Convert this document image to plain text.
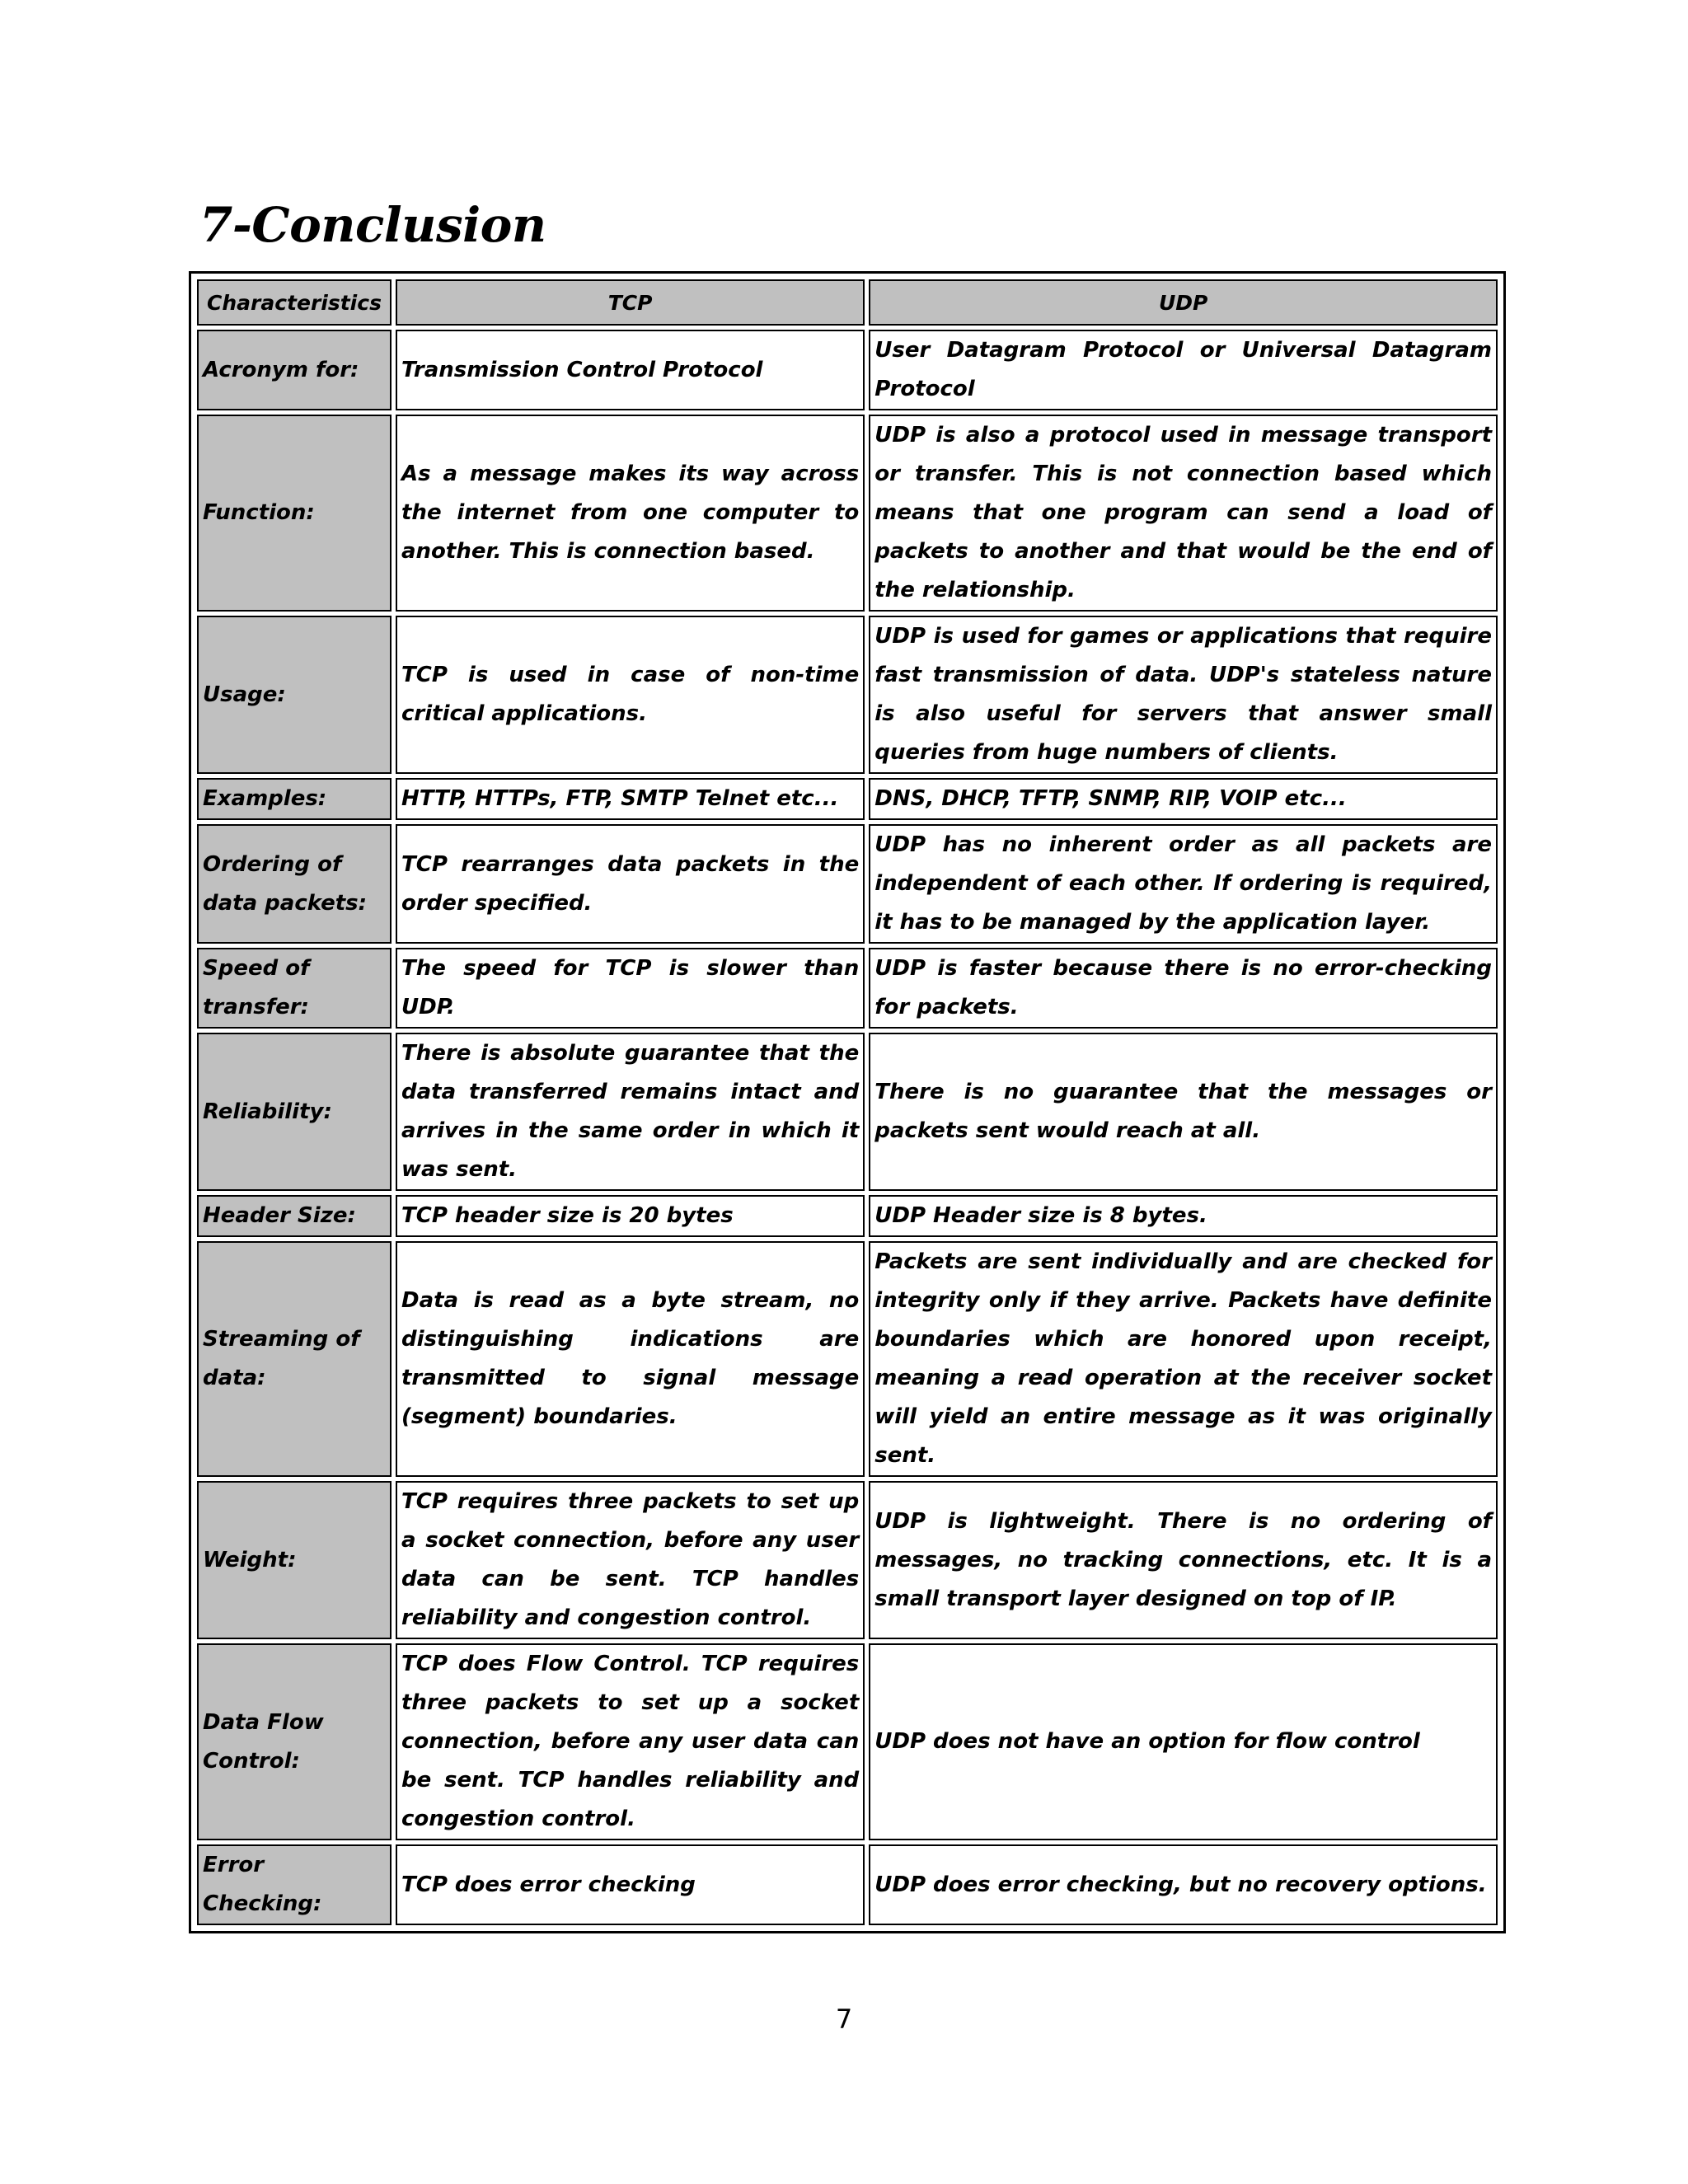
7-Conclusion
Characteristics	TCP	UDP
Acronym for:	Transmission Control Protocol	User Datagram Protocol or Universal Datagram Protocol
Function:	As a message makes its way across the internet from one computer to another. This is connection based.	UDP is also a protocol used in message transport or transfer. This is not connection based which means that one program can send a load of packets to another and that would be the end of the relationship.
Usage:	TCP is used in case of non-time critical applications.	UDP is used for games or applications that require fast transmission of data. UDP's stateless nature is also useful for servers that answer small queries from huge numbers of clients.
Examples:	HTTP, HTTPs, FTP, SMTP Telnet etc...	DNS, DHCP, TFTP, SNMP, RIP, VOIP etc...
Ordering of data packets:	TCP rearranges data packets in the order specified.	UDP has no inherent order as all packets are independent of each other. If ordering is required, it has to be managed by the application layer.
Speed of transfer:	The speed for TCP is slower than UDP.	UDP is faster because there is no error-checking for packets.
Reliability:	There is absolute guarantee that the data transferred remains intact and arrives in the same order in which it was sent.	There is no guarantee that the messages or packets sent would reach at all.
Header Size:	TCP header size is 20 bytes	UDP Header size is 8 bytes.
Streaming of data:	Data is read as a byte stream, no distinguishing indications are transmitted to signal message (segment) boundaries.	Packets are sent individually and are checked for integrity only if they arrive. Packets have definite boundaries which are honored upon receipt, meaning a read operation at the receiver socket will yield an entire message as it was originally sent.
Weight:	TCP requires three packets to set up a socket connection, before any user data can be sent. TCP handles reliability and congestion control.	UDP is lightweight. There is no ordering of messages, no tracking connections, etc. It is a small transport layer designed on top of IP.
Data Flow Control:	TCP does Flow Control. TCP requires three packets to set up a socket connection, before any user data can be sent. TCP handles reliability and congestion control.	UDP does not have an option for flow control
Error Checking:	TCP does error checking	UDP does error checking, but no recovery options.
7
